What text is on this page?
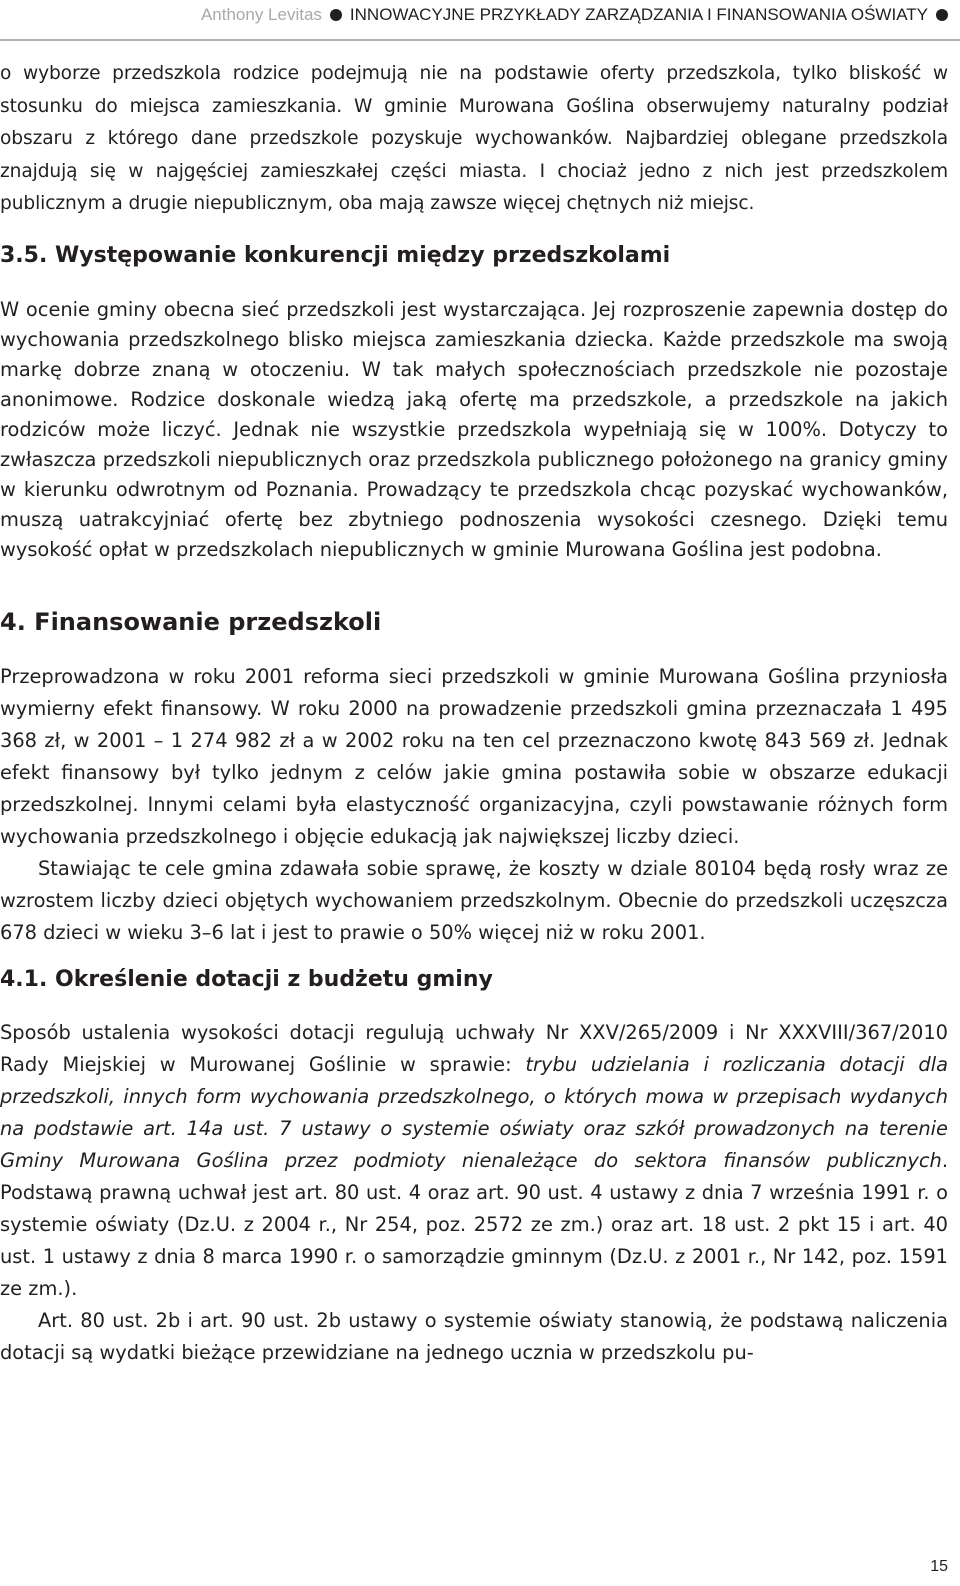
Anthony Levitas INNOWACYJNE PRZYKŁADY ZARZĄDZANIA I FINANSOWANIA OŚWIATY

o wyborze przedszkola rodzice podejmują nie na podstawie oferty przedszkola, tylko bliskość w stosunku do miejsca zamieszkania. W gminie Murowana Goślina obserwujemy naturalny podział obszaru z którego dane przedszkole pozyskuje wychowanków. Najbardziej oblegane przedszkola znajdują się w najgęściej zamieszkałej części miasta. I chociaż jedno z nich jest przedszkolem publicznym a drugie niepublicznym, oba mają zawsze więcej chętnych niż miejsc.

3.5. Występowanie konkurencji między przedszkolami

W ocenie gminy obecna sieć przedszkoli jest wystarczająca. Jej rozproszenie zapewnia dostęp do wychowania przedszkolnego blisko miejsca zamieszkania dziecka. Każde przedszkole ma swoją markę dobrze znaną w otoczeniu. W tak małych społecznościach przedszkole nie pozostaje anonimowe. Rodzice doskonale wiedzą jaką ofertę ma przedszkole, a przedszkole na jakich rodziców może liczyć. Jednak nie wszystkie przedszkola wypełniają się w 100%. Dotyczy to zwłaszcza przedszkoli niepublicznych oraz przedszkola publicznego położonego na granicy gminy w kierunku odwrotnym od Poznania. Prowadzący te przedszkola chcąc pozyskać wychowanków, muszą uatrakcyjniać ofertę bez zbytniego podnoszenia wysokości czesnego. Dzięki temu wysokość opłat w przedszkolach niepublicznych w gminie Murowana Goślina jest podobna.

4. Finansowanie przedszkoli

Przeprowadzona w roku 2001 reforma sieci przedszkoli w gminie Murowana Goślina przyniosła wymierny efekt finansowy. W roku 2000 na prowadzenie przedszkoli gmina przeznaczała 1 495 368 zł, w 2001 – 1 274 982 zł a w 2002 roku na ten cel przeznaczono kwotę 843 569 zł. Jednak efekt finansowy był tylko jednym z celów jakie gmina postawiła sobie w obszarze edukacji przedszkolnej. Innymi celami była elastyczność organizacyjna, czyli powstawanie różnych form wychowania przedszkolnego i objęcie edukacją jak największej liczby dzieci.

Stawiając te cele gmina zdawała sobie sprawę, że koszty w dziale 80104 będą rosły wraz ze wzrostem liczby dzieci objętych wychowaniem przedszkolnym. Obecnie do przedszkoli uczęszcza 678 dzieci w wieku 3–6 lat i jest to prawie o 50% więcej niż w roku 2001.

4.1. Określenie dotacji z budżetu gminy

Sposób ustalenia wysokości dotacji regulują uchwały Nr XXV/265/2009 i Nr XXXVIII/367/2010 Rady Miejskiej w Murowanej Goślinie w sprawie: trybu udzielania i rozliczania dotacji dla przedszkoli, innych form wychowania przedszkolnego, o których mowa w przepisach wydanych na podstawie art. 14a ust. 7 ustawy o systemie oświaty oraz szkół prowadzonych na terenie Gminy Murowana Goślina przez podmioty nienależące do sektora finansów publicznych. Podstawą prawną uchwał jest art. 80 ust. 4 oraz art. 90 ust. 4 ustawy z dnia 7 września 1991 r. o systemie oświaty (Dz.U. z 2004 r., Nr 254, poz. 2572 ze zm.) oraz art. 18 ust. 2 pkt 15 i art. 40 ust. 1 ustawy z dnia 8 marca 1990 r. o samorządzie gminnym (Dz.U. z 2001 r., Nr 142, poz. 1591 ze zm.).

Art. 80 ust. 2b i art. 90 ust. 2b ustawy o systemie oświaty stanowią, że podstawą naliczenia dotacji są wydatki bieżące przewidziane na jednego ucznia w przedszkolu pu-

15
